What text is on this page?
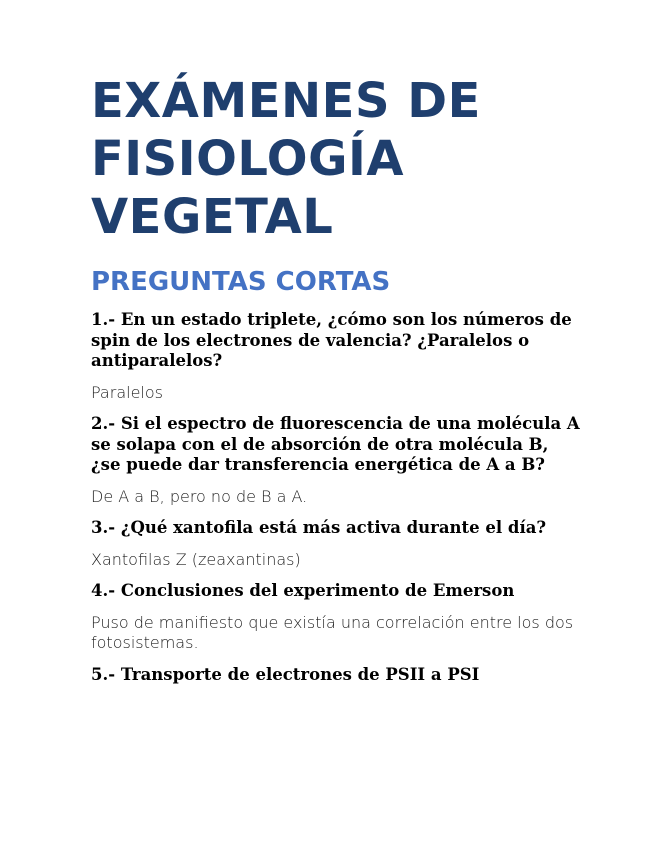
EXÁMENES DE FISIOLOGÍA VEGETAL
PREGUNTAS CORTAS

1.- En un estado triplete, ¿cómo son los números de spin de los electrones de valencia? ¿Paralelos o antiparalelos?

Paralelos

2.- Si el espectro de fluorescencia de una molécula A se solapa con el de absorción de otra molécula B, ¿se puede dar transferencia energética de A a B?

De A a B, pero no de B a A.

3.- ¿Qué xantofila está más activa durante el día?

Xantofilas Z (zeaxantinas)

4.- Conclusiones del experimento de Emerson

Puso de manifiesto que existía una correlación entre los dos fotosistemas.

5.- Transporte de electrones de PSII a PSI
